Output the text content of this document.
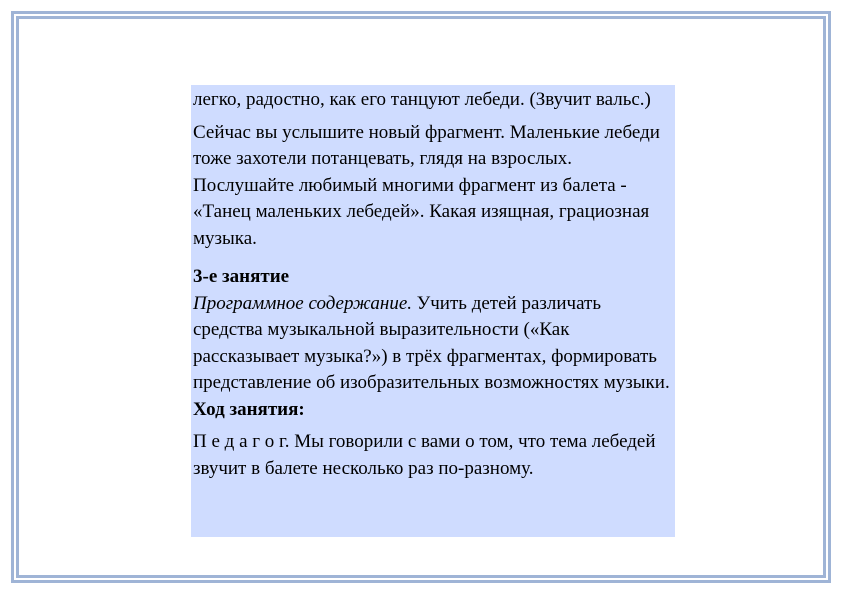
легко, радостно, как его танцуют лебеди. (Звучит вальс.)

Сейчас вы услышите новый фрагмент. Маленькие лебеди тоже захотели потанцевать, глядя на взрослых. Послушайте любимый многими фрагмент из балета - «Танец маленьких лебедей». Какая изящная, грациозная музыка.

3-е занятие

Программное содержание. Учить детей различать средства музыкальной выразительности («Как рассказывает музыка?») в трёх фрагментах, формировать представление об изобразительных возможностях музыки.

Ход занятия:

П е д а г о г. Мы говорили с вами о том, что тема лебедей звучит в балете несколько раз по-разному.
